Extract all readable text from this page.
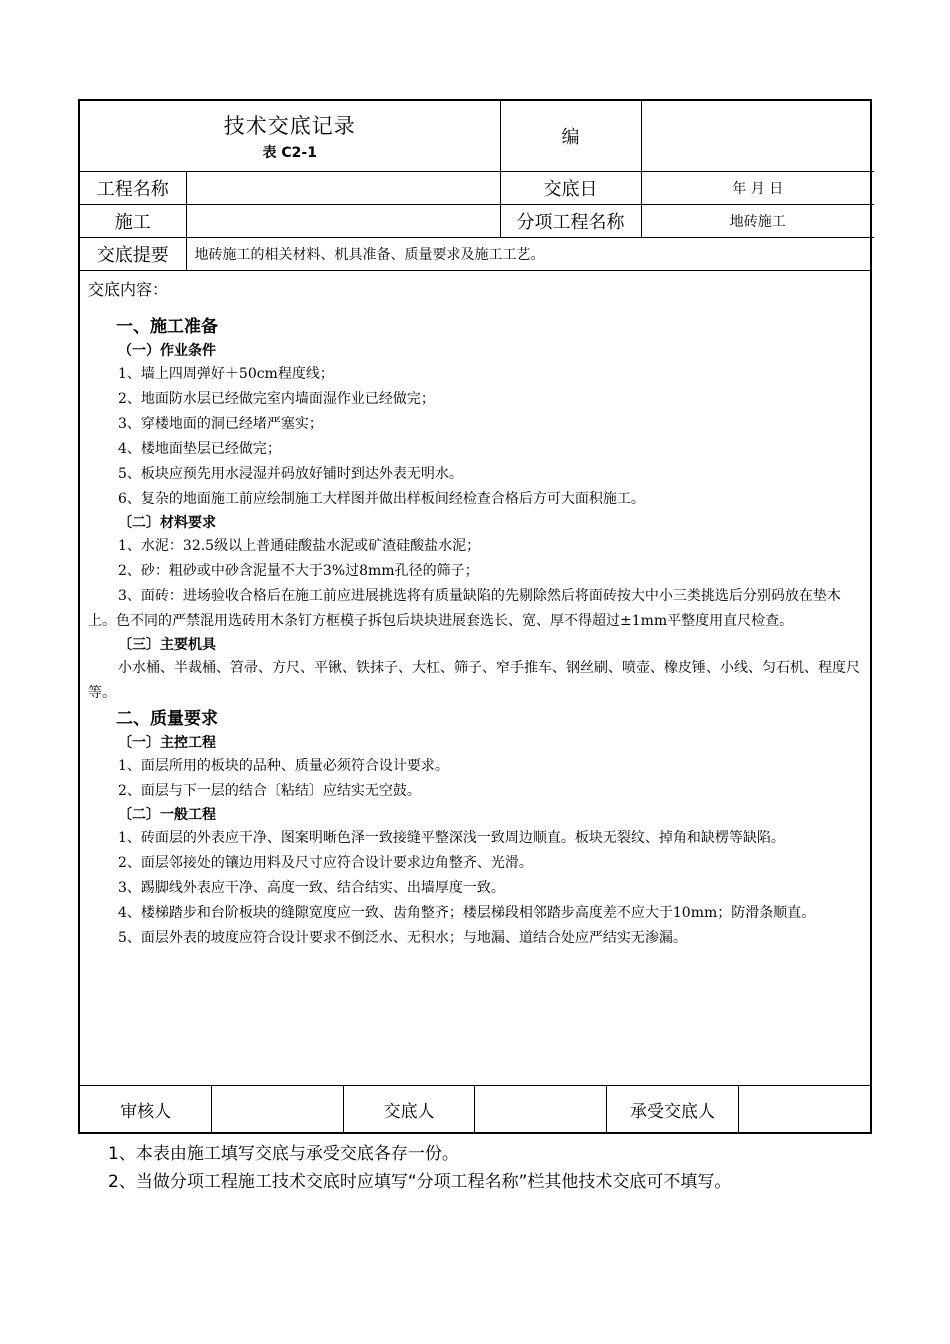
技术交底记录
表 C2-1		编	
工程名称		交底日	年 月 日
施工		分项工程名称	地砖施工
交底提要	地砖施工的相关材料、机具准备、质量要求及施工工艺。		
交底内容：
一、施工准备
（一）作业条件
1、墙上四周弹好＋50cm程度线；
2、地面防水层已经做完室内墙面湿作业已经做完；
3、穿楼地面的洞已经堵严塞实；
4、楼地面垫层已经做完；
5、板块应预先用水浸湿并码放好铺时到达外表无明水。
6、复杂的地面施工前应绘制施工大样图并做出样板间经检查合格后方可大面积施工。
〔二〕材料要求
1、水泥：32.5级以上普通硅酸盐水泥或矿渣硅酸盐水泥；
2、砂：粗砂或中砂含泥量不大于3%过8mm孔径的筛子；
3、面砖：进场验收合格后在施工前应进展挑选将有质量缺陷的先剔除然后将面砖按大中小三类挑选后分别码放在垫木上。色不同的严禁混用选砖用木条钉方框模子拆包后块块进展套选长、宽、厚不得超过±1mm平整度用直尺检查。
〔三〕主要机具
小水桶、半裁桶、笤帚、方尺、平锹、铁抹子、大杠、筛子、窄手推车、钢丝刷、喷壶、橡皮锤、小线、匀石机、程度尺等。
二、质量要求
〔一〕主控工程
1、面层所用的板块的品种、质量必须符合设计要求。
2、面层与下一层的结合〔粘结〕应结实无空鼓。
〔二〕一般工程
1、砖面层的外表应干净、图案明晰色泽一致接缝平整深浅一致周边顺直。板块无裂纹、掉角和缺楞等缺陷。
2、面层邻接处的镶边用料及尺寸应符合设计要求边角整齐、光滑。
3、踢脚线外表应干净、高度一致、结合结实、出墙厚度一致。
4、楼梯踏步和台阶板块的缝隙宽度应一致、齿角整齐；楼层梯段相邻踏步高度差不应大于10mm；防滑条顺直。
5、面层外表的坡度应符合设计要求不倒泛水、无积水；与地漏、道结合处应严结实无渗漏。
审核人		交底人		承受交底人	
1、本表由施工填写交底与承受交底各存一份。
2、当做分项工程施工技术交底时应填写“分项工程名称”栏其他技术交底可不填写。
